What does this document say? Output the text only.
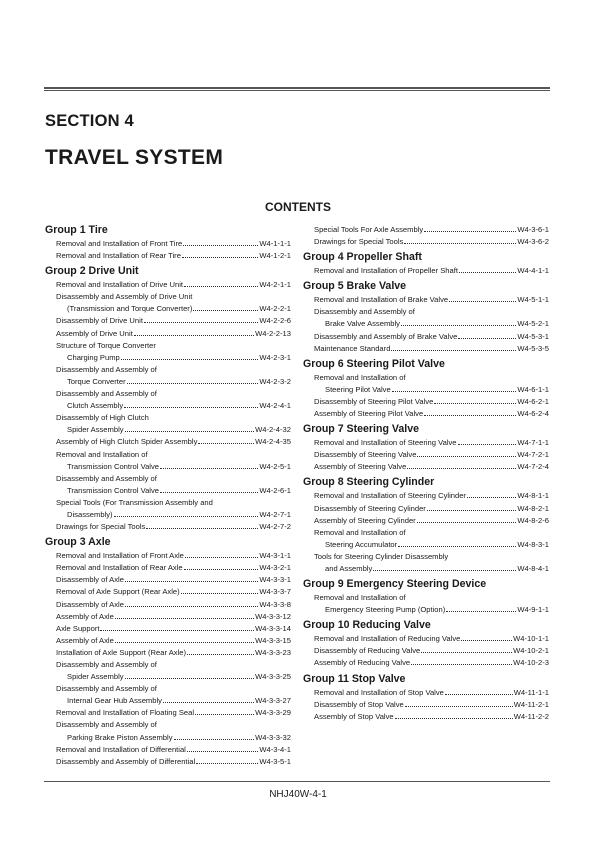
SECTION 4
TRAVEL SYSTEM
CONTENTS
Group 1 Tire
Removal and Installation of Front Tire	W4-1-1-1
Removal and Installation of Rear Tire	W4-1-2-1
Group 2 Drive Unit
Removal and Installation of Drive Unit	W4-2-1-1
Disassembly and Assembly of Drive Unit
(Transmission and Torque Converter)	W4-2-2-1
Disassembly of Drive Unit	W4-2-2-6
Assembly of Drive Unit	W4-2-2-13
Structure of Torque Converter
Charging Pump	W4-2-3-1
Disassembly and Assembly of
Torque Converter	W4-2-3-2
Disassembly and Assembly of
Clutch Assembly	W4-2-4-1
Disassembly of High Clutch
Spider Assembly	W4-2-4-32
Assembly of High Clutch Spider Assembly	W4-2-4-35
Removal and Installation of
Transmission Control Valve	W4-2-5-1
Disassembly and Assembly of
Transmission Control Valve	W4-2-6-1
Special Tools (For Transmission Assembly and
Disassembly)	W4-2-7-1
Drawings for Special Tools	W4-2-7-2
Group 3 Axle
Removal and Installation of Front Axle	W4-3-1-1
Removal and Installation of Rear Axle	W4-3-2-1
Disassembly of Axle	W4-3-3-1
Removal of Axle Support (Rear Axle)	W4-3-3-7
Disassembly of Axle	W4-3-3-8
Assembly of Axle	W4-3-3-12
Axle Support	W4-3-3-14
Assembly of Axle	W4-3-3-15
Installation of Axle Support (Rear Axle)	W4-3-3-23
Disassembly and Assembly of
Spider Assembly	W4-3-3-25
Disassembly and Assembly of
Internal Gear Hub Assembly	W4-3-3-27
Removal and Installation of Floating Seal	W4-3-3-29
Disassembly and Assembly of
Parking Brake Piston Assembly	W4-3-3-32
Removal and Installation of Differential	W4-3-4-1
Disassembly and Assembly of Differential	W4-3-5-1
Special Tools For Axle Assembly	W4-3-6-1
Drawings for Special Tools	W4-3-6-2
Group 4 Propeller Shaft
Removal and Installation of Propeller Shaft	W4-4-1-1
Group 5 Brake Valve
Removal and Installation of Brake Valve	W4-5-1-1
Disassembly and Assembly of
Brake Valve Assembly	W4-5-2-1
Disassembly and Assembly of Brake Valve	W4-5-3-1
Maintenance Standard	W4-5-3-5
Group 6 Steering Pilot Valve
Removal and Installation of
Steering Pilot Valve	W4-6-1-1
Disassembly of Steering Pilot Valve	W4-6-2-1
Assembly of Steering Pilot Valve	W4-6-2-4
Group 7 Steering Valve
Removal and Installation of Steering Valve	W4-7-1-1
Disassembly of Steering Valve	W4-7-2-1
Assembly of Steering Valve	W4-7-2-4
Group 8 Steering Cylinder
Removal and Installation of Steering Cylinder	W4-8-1-1
Disassembly of Steering Cylinder	W4-8-2-1
Assembly of Steering Cylinder	W4-8-2-6
Removal and Installation of
Steering Accumulator	W4-8-3-1
Tools for Steering Cylinder Disassembly
and Assembly	W4-8-4-1
Group 9 Emergency Steering Device
Removal and Installation of
Emergency Steering Pump (Option)	W4-9-1-1
Group 10 Reducing Valve
Removal and Installation of Reducing Valve	W4-10-1-1
Disassembly of Reducing Valve	W4-10-2-1
Assembly of Reducing Valve	W4-10-2-3
Group 11 Stop Valve
Removal and Installation of Stop Valve	W4-11-1-1
Disassembly of Stop Valve	W4-11-2-1
Assembly of Stop Valve	W4-11-2-2
NHJ40W-4-1
